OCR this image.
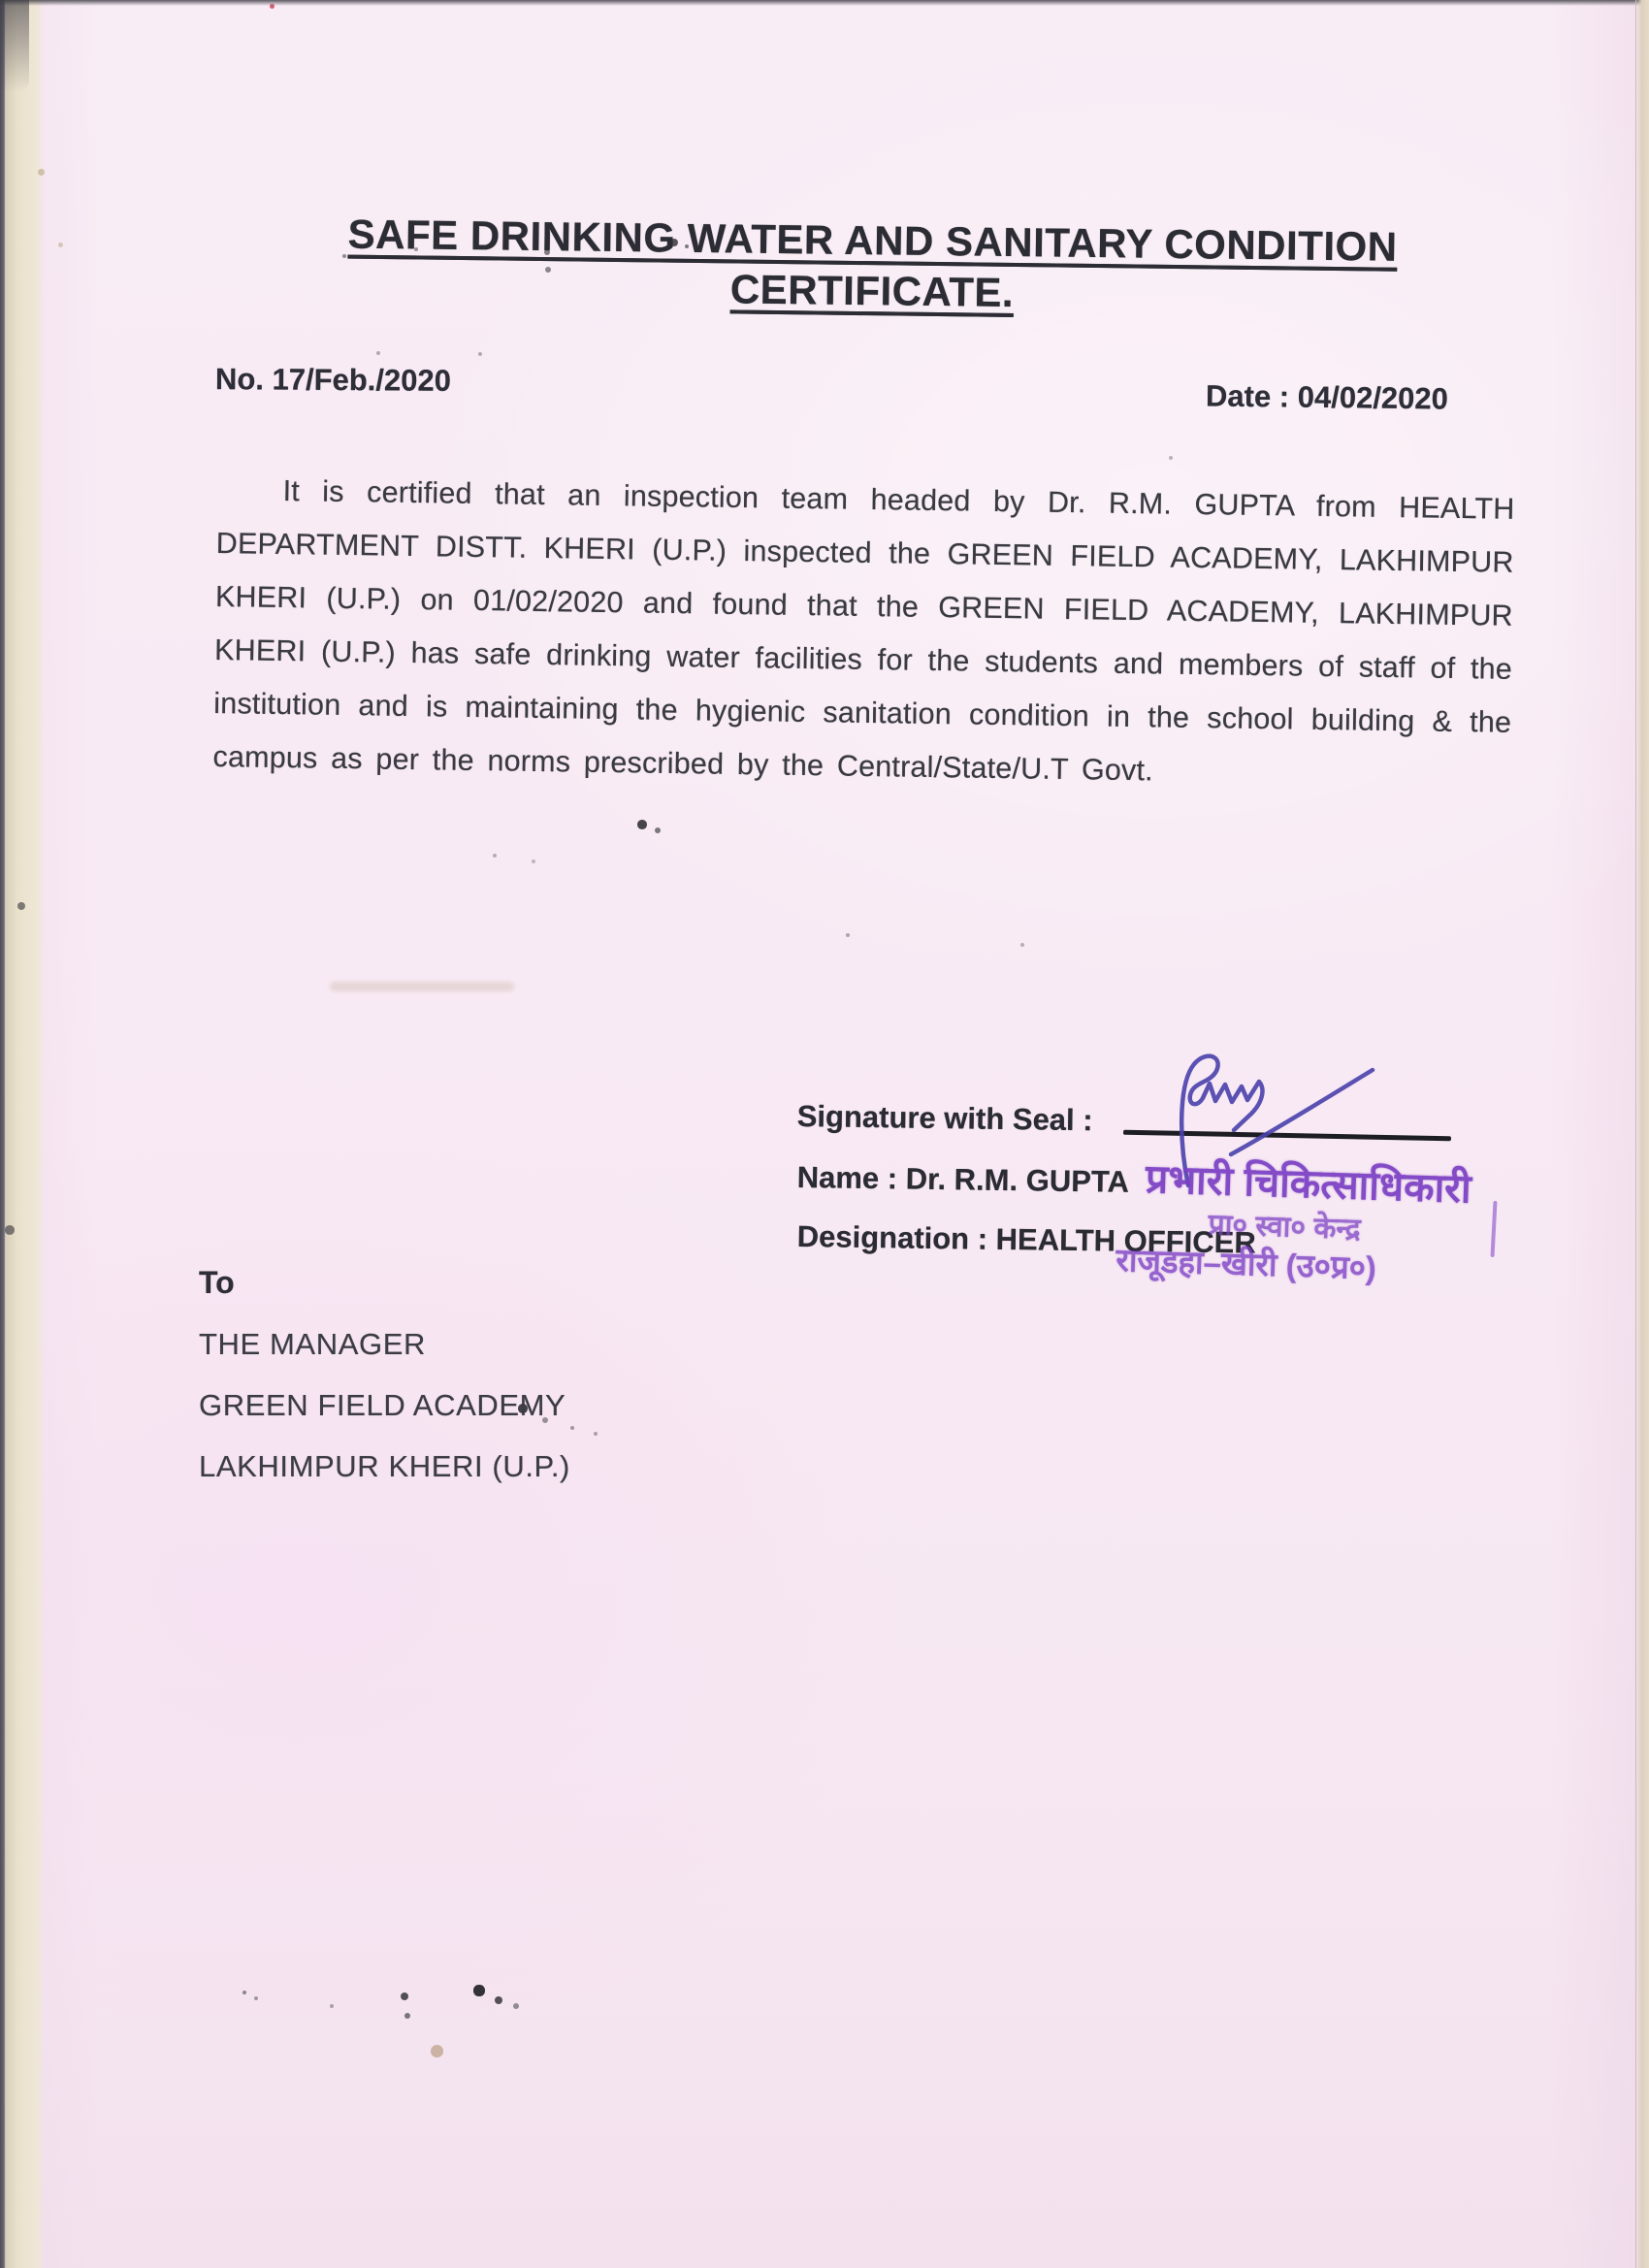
SAFE DRINKING WATER AND SANITARY CONDITION
CERTIFICATE.
No. 17/Feb./2020	Date : 04/02/2020
It is certified that an inspection team headed by Dr. R.M. GUPTA from HEALTH DEPARTMENT DISTT. KHERI (U.P.) inspected the GREEN FIELD ACADEMY, LAKHIMPUR KHERI (U.P.) on 01/02/2020 and found that the GREEN FIELD ACADEMY, LAKHIMPUR KHERI (U.P.) has safe drinking water facilities for the students and members of staff of the institution and is maintaining the hygienic sanitation condition in the school building & the campus as per the norms prescribed by the Central/State/U.T Govt.
Signature with Seal :
Name : Dr. R.M. GUPTA
Designation : HEALTH OFFICER
प्रभारी चिकित्साधिकारी
प्रा० स्वा० केन्द्र
राजूडहा–खीरी (उ०प्र०)
To
THE MANAGER
GREEN FIELD ACADEMY
LAKHIMPUR KHERI (U.P.)
